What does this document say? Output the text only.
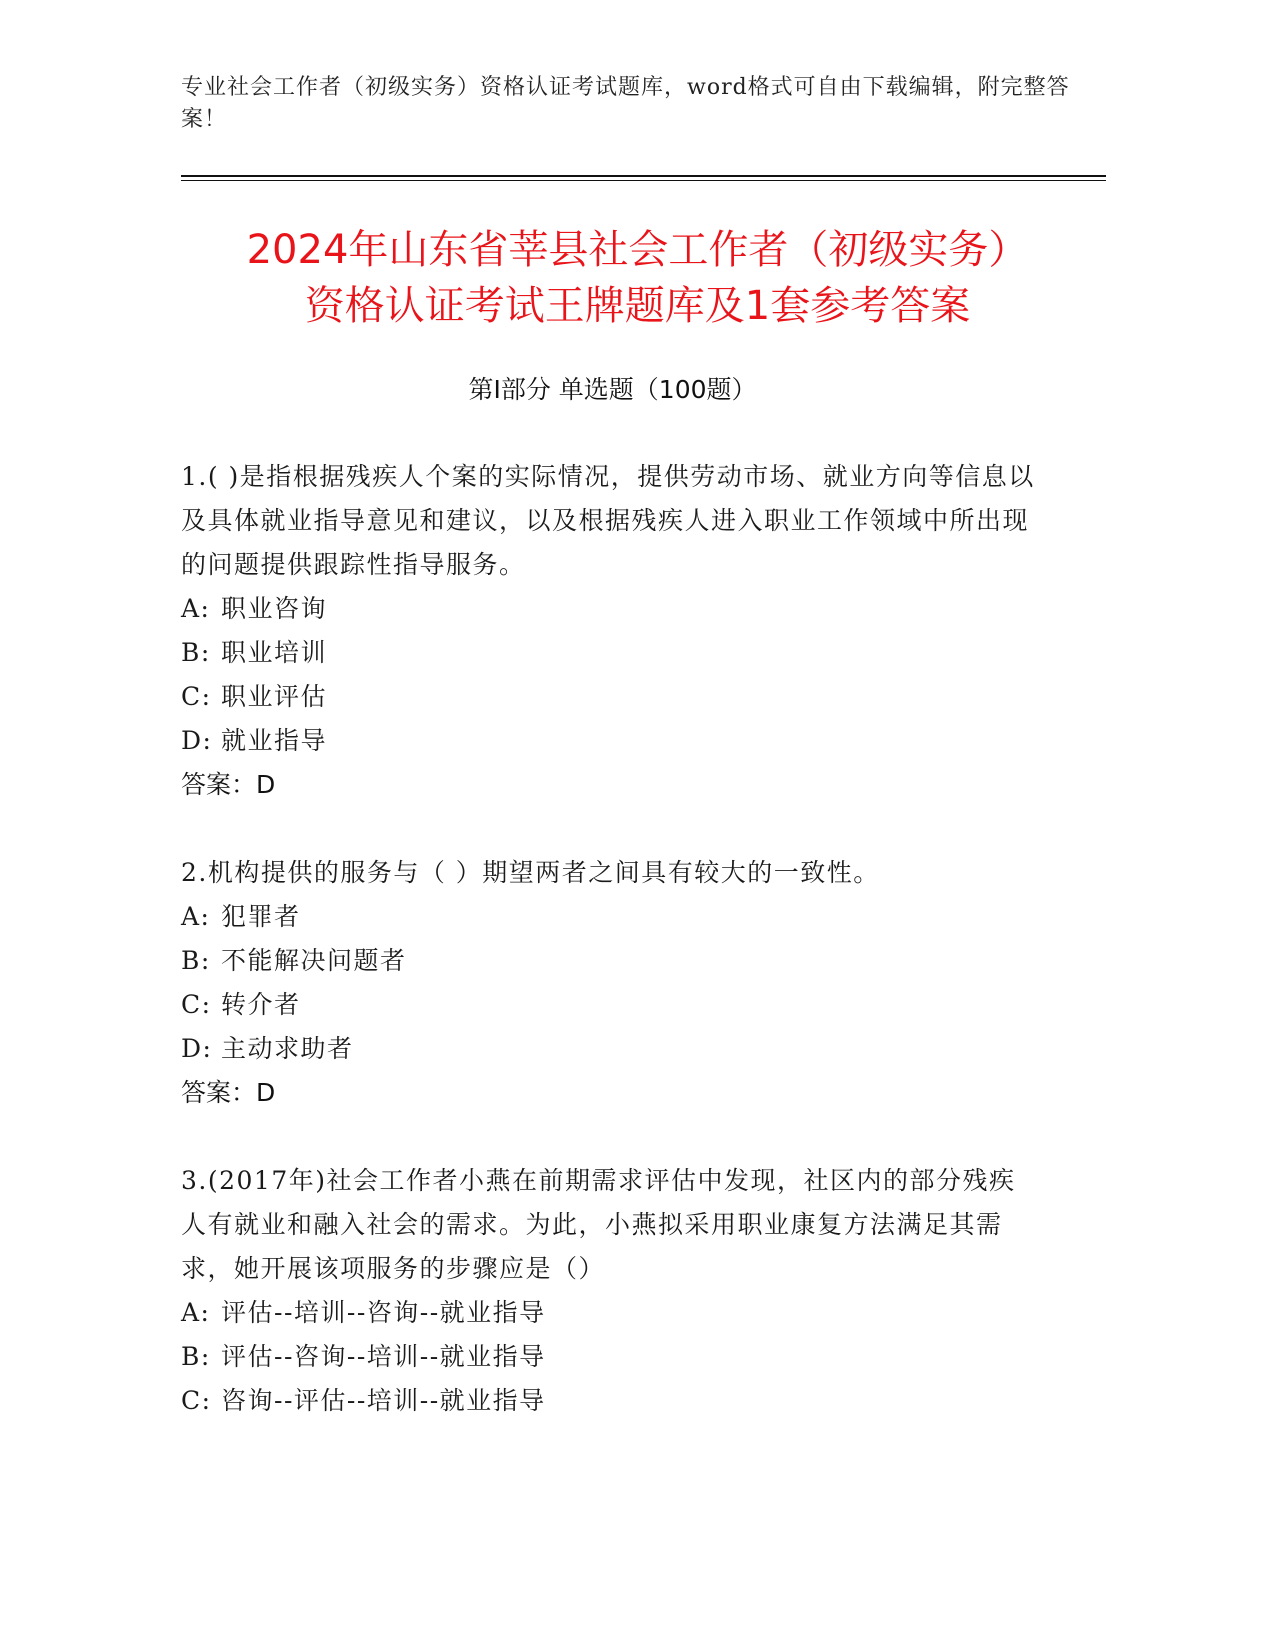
专业社会工作者（初级实务）资格认证考试题库，word格式可自由下载编辑，附完整答案！
2024年山东省莘县社会工作者（初级实务）
资格认证考试王牌题库及1套参考答案
第Ⅰ部分 单选题（100题）
1.( )是指根据残疾人个案的实际情况，提供劳动市场、就业方向等信息以及具体就业指导意见和建议，以及根据残疾人进入职业工作领域中所出现的问题提供跟踪性指导服务。
A: 职业咨询
B: 职业培训
C: 职业评估
D: 就业指导
答案：D
2.机构提供的服务与（ ）期望两者之间具有较大的一致性。
A: 犯罪者
B: 不能解决问题者
C: 转介者
D: 主动求助者
答案：D
3.(2017年)社会工作者小燕在前期需求评估中发现，社区内的部分残疾人有就业和融入社会的需求。为此，小燕拟采用职业康复方法满足其需求，她开展该项服务的步骤应是（）
A: 评估--培训--咨询--就业指导
B: 评估--咨询--培训--就业指导
C: 咨询--评估--培训--就业指导
